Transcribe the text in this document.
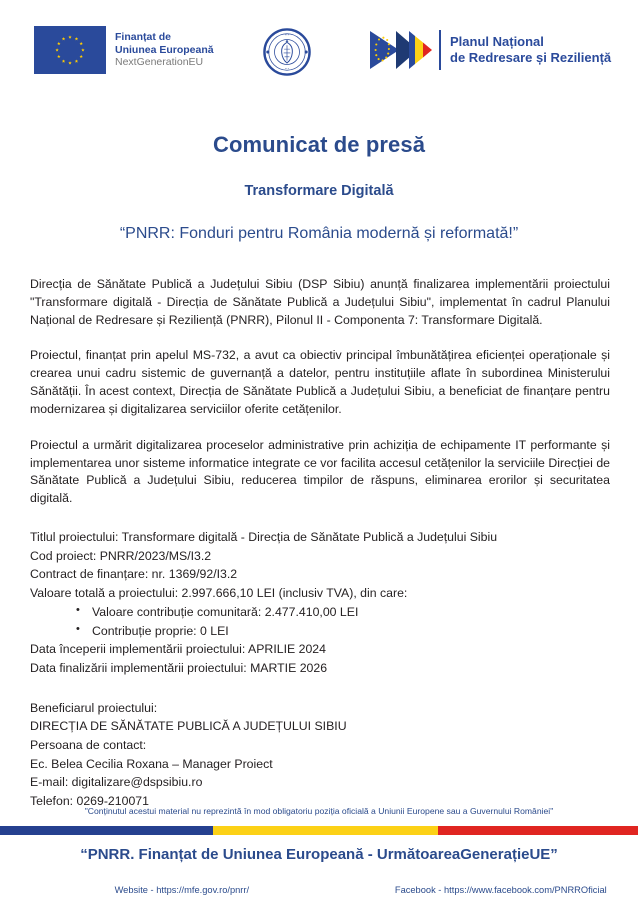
Finanțat de
Uniunea Europeană
NextGenerationEU
···
···
Planul Național
de Redresare și Reziliență
Comunicat de presă
Transformare Digitală
“PNRR: Fonduri pentru România modernă și reformată!”

Direcția de Sănătate Publică a Județului Sibiu (DSP Sibiu) anunță finalizarea implementării proiectului "Transformare digitală - Direcția de Sănătate Publică a Județului Sibiu", implementat în cadrul Planului Național de Redresare și Reziliență (PNRR), Pilonul II - Componenta 7: Transformare Digitală.

Proiectul, finanțat prin apelul MS-732, a avut ca obiectiv principal îmbunătățirea eficienței operaționale și crearea unui cadru sistemic de guvernanță a datelor, pentru instituțiile aflate în subordinea Ministerului Sănătății. În acest context, Direcția de Sănătate Publică a Județului Sibiu, a beneficiat de finanțare pentru modernizarea și digitalizarea serviciilor oferite cetățenilor.

Proiectul a urmărit digitalizarea proceselor administrative prin achiziția de echipamente IT performante și implementarea unor sisteme informatice integrate ce vor facilita accesul cetățenilor la serviciile Direcției de Sănătate Publică a Județului Sibiu, reducerea timpilor de răspuns, eliminarea erorilor și securitatea digitală.

Titlul proiectului: Transformare digitală - Direcția de Sănătate Publică a Județului Sibiu
Cod proiect: PNRR/2023/MS/I3.2
Contract de finanțare: nr. 1369/92/I3.2
Valoare totală a proiectului: 2.997.666,10 LEI (inclusiv TVA), din care:
• Valoare contribuție comunitară: 2.477.410,00 LEI
• Contribuție proprie: 0 LEI
Data începerii implementării proiectului: APRILIE 2024
Data finalizării implementării proiectului: MARTIE 2026
Beneficiarul proiectului:
DIRECȚIA DE SĂNĂTATE PUBLICĂ A JUDEȚULUI SIBIU
Persoana de contact:
Ec. Belea Cecilia Roxana – Manager Proiect
E-mail: digitalizare@dspsibiu.ro
Telefon: 0269-210071
"Conținutul acestui material nu reprezintă în mod obligatoriu poziția oficială a Uniunii Europene sau a Guvernului României"
“PNRR. Finanțat de Uniunea Europeană - UrmătoareaGenerațieUE”
Website - https://mfe.gov.ro/pnrr/	Facebook - https://www.facebook.com/PNRROficial
